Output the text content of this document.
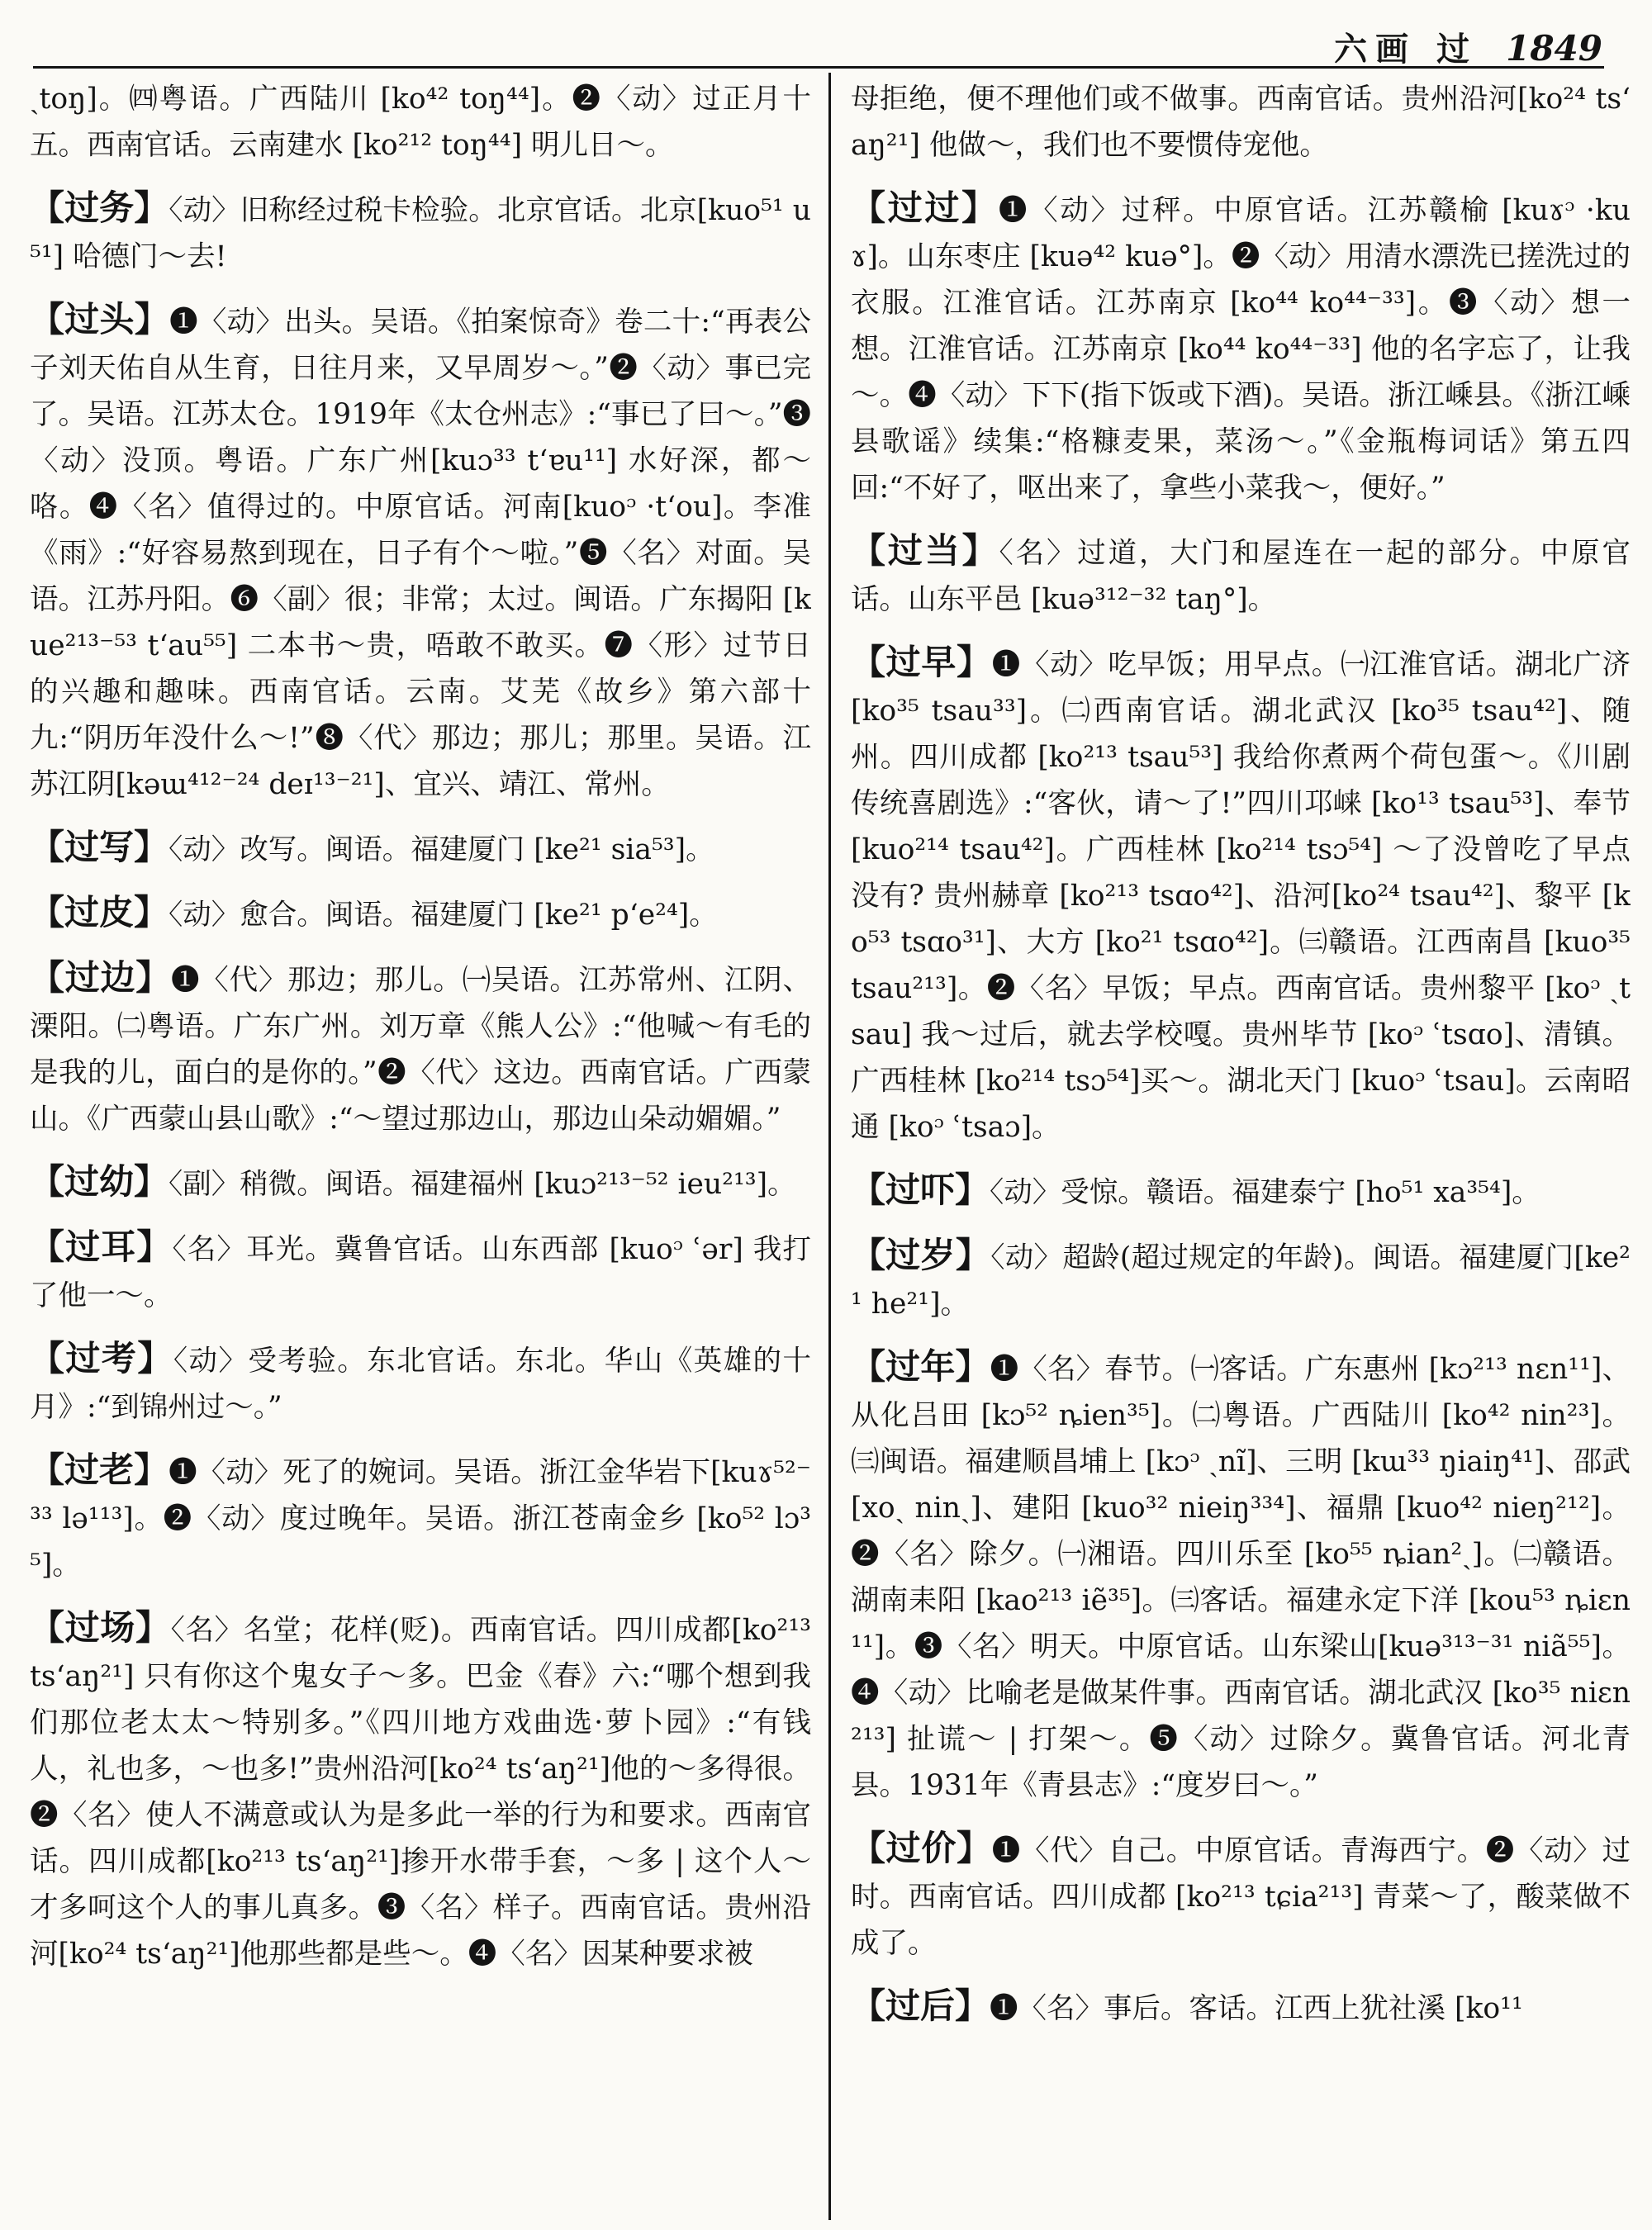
六画 过 1849

ˏtoŋ]。㈣粤语。广西陆川 [ko⁴² toŋ⁴⁴]。❷〈动〉过正月十五。西南官话。云南建水 [ko²¹² toŋ⁴⁴] 明儿日～。

【过务】〈动〉旧称经过税卡检验。北京官话。北京[kuo⁵¹ u⁵¹] 哈德门～去!

【过头】❶〈动〉出头。吴语。《拍案惊奇》卷二十:“再表公子刘天佑自从生育，日往月来，又早周岁～。”❷〈动〉事已完了。吴语。江苏太仓。1919年《太仓州志》:“事已了曰～。”❸〈动〉没顶。粤语。广东广州[kuɔ³³ tʻɐu¹¹] 水好深，都～咯。❹〈名〉值得过的。中原官话。河南[kuoᵓ ·tʻou]。李准《雨》:“好容易熬到现在，日子有个～啦。”❺〈名〉对面。吴语。江苏丹阳。❻〈副〉很；非常；太过。闽语。广东揭阳 [kue²¹³⁻⁵³ tʻau⁵⁵] 二本书～贵，唔敢不敢买。❼〈形〉过节日的兴趣和趣味。西南官话。云南。艾芜《故乡》第六部十九:“阴历年没什么～!”❽〈代〉那边；那儿；那里。吴语。江苏江阴[kəɯ⁴¹²⁻²⁴ deɪ¹³⁻²¹]、宜兴、靖江、常州。

【过写】〈动〉改写。闽语。福建厦门 [ke²¹ sia⁵³]。

【过皮】〈动〉愈合。闽语。福建厦门 [ke²¹ pʻe²⁴]。

【过边】❶〈代〉那边；那儿。㈠吴语。江苏常州、江阴、溧阳。㈡粤语。广东广州。刘万章《熊人公》:“他喊～有毛的是我的儿，面白的是你的。”❷〈代〉这边。西南官话。广西蒙山。《广西蒙山县山歌》:“～望过那边山，那边山朵动媚媚。”

【过幼】〈副〉稍微。闽语。福建福州 [kuɔ²¹³⁻⁵² ieu²¹³]。

【过耳】〈名〉耳光。冀鲁官话。山东西部 [kuoᵓ ʿər] 我打了他一～。

【过考】〈动〉受考验。东北官话。东北。华山《英雄的十月》:“到锦州过～。”

【过老】❶〈动〉死了的婉词。吴语。浙江金华岩下[kuɤ⁵²⁻³³ lə¹¹³]。❷〈动〉度过晚年。吴语。浙江苍南金乡 [ko⁵² lɔ³⁵]。

【过场】〈名〉名堂；花样(贬)。西南官话。四川成都[ko²¹³ tsʻaŋ²¹] 只有你这个鬼女子～多。巴金《春》六:“哪个想到我们那位老太太～特别多。”《四川地方戏曲选·萝卜园》:“有钱人，礼也多，～也多!”贵州沿河[ko²⁴ tsʻaŋ²¹]他的～多得很。❷〈名〉使人不满意或认为是多此一举的行为和要求。西南官话。四川成都[ko²¹³ tsʻaŋ²¹]掺开水带手套，～多 | 这个人～才多呵这个人的事儿真多。❸〈名〉样子。西南官话。贵州沿河[ko²⁴ tsʻaŋ²¹]他那些都是些～。❹〈名〉因某种要求被

母拒绝，便不理他们或不做事。西南官话。贵州沿河[ko²⁴ tsʻaŋ²¹] 他做～，我们也不要惯侍宠他。

【过过】❶〈动〉过秤。中原官话。江苏赣榆 [kuɤᵓ ·kuɤ]。山东枣庄 [kuə⁴² kuə°]。❷〈动〉用清水漂洗已搓洗过的衣服。江淮官话。江苏南京 [ko⁴⁴ ko⁴⁴⁻³³]。❸〈动〉想一想。江淮官话。江苏南京 [ko⁴⁴ ko⁴⁴⁻³³] 他的名字忘了，让我～。❹〈动〉下下(指下饭或下酒)。吴语。浙江嵊县。《浙江嵊县歌谣》续集:“格糠麦果，菜汤～。”《金瓶梅词话》第五四回:“不好了，呕出来了，拿些小菜我～，便好。”

【过当】〈名〉过道，大门和屋连在一起的部分。中原官话。山东平邑 [kuə³¹²⁻³² taŋ°]。

【过早】❶〈动〉吃早饭；用早点。㈠江淮官话。湖北广济 [ko³⁵ tsau³³]。㈡西南官话。湖北武汉 [ko³⁵ tsau⁴²]、随州。四川成都 [ko²¹³ tsau⁵³] 我给你煮两个荷包蛋～。《川剧传统喜剧选》:“客伙，请～了!”四川邛崃 [ko¹³ tsau⁵³]、奉节[kuo²¹⁴ tsau⁴²]。广西桂林 [ko²¹⁴ tsɔ⁵⁴] ～了没曾吃了早点没有? 贵州赫章 [ko²¹³ tsɑo⁴²]、沿河[ko²⁴ tsau⁴²]、黎平 [ko⁵³ tsɑo³¹]、大方 [ko²¹ tsɑo⁴²]。㈢赣语。江西南昌 [kuo³⁵ tsau²¹³]。❷〈名〉早饭；早点。西南官话。贵州黎平 [koᵓ ˏtsau] 我～过后，就去学校嘎。贵州毕节 [koᵓ ʿtsɑo]、清镇。广西桂林 [ko²¹⁴ tsɔ⁵⁴]买～。湖北天门 [kuoᵓ ʿtsau]。云南昭通 [koᵓ ʿtsaɔ]。

【过吓】〈动〉受惊。赣语。福建泰宁 [ho⁵¹ xa³⁵⁴]。

【过岁】〈动〉超龄(超过规定的年龄)。闽语。福建厦门[ke²¹ he²¹]。

【过年】❶〈名〉春节。㈠客话。广东惠州 [kɔ²¹³ nɛn¹¹]、从化吕田 [kɔ⁵² ȵien³⁵]。㈡粤语。广西陆川 [ko⁴² nin²³]。㈢闽语。福建顺昌埔上 [kɔᵓ ˏnĩ]、三明 [kɯ³³ ŋiaiŋ⁴¹]、邵武 [xoˏ ninˏ]、建阳 [kuo³² nieiŋ³³⁴]、福鼎 [kuo⁴² nieŋ²¹²]。❷〈名〉除夕。㈠湘语。四川乐至 [ko⁵⁵ ȵian²ˏ]。㈡赣语。湖南耒阳 [kao²¹³ iẽ³⁵]。㈢客话。福建永定下洋 [kou⁵³ ȵiɛn¹¹]。❸〈名〉明天。中原官话。山东梁山[kuə³¹³⁻³¹ niã⁵⁵]。❹〈动〉比喻老是做某件事。西南官话。湖北武汉 [ko³⁵ niɛn²¹³] 扯谎～ | 打架～。❺〈动〉过除夕。冀鲁官话。河北青县。1931年《青县志》:“度岁曰～。”

【过价】❶〈代〉自己。中原官话。青海西宁。❷〈动〉过时。西南官话。四川成都 [ko²¹³ tɕia²¹³] 青菜～了，酸菜做不成了。

【过后】❶〈名〉事后。客话。江西上犹社溪 [ko¹¹
